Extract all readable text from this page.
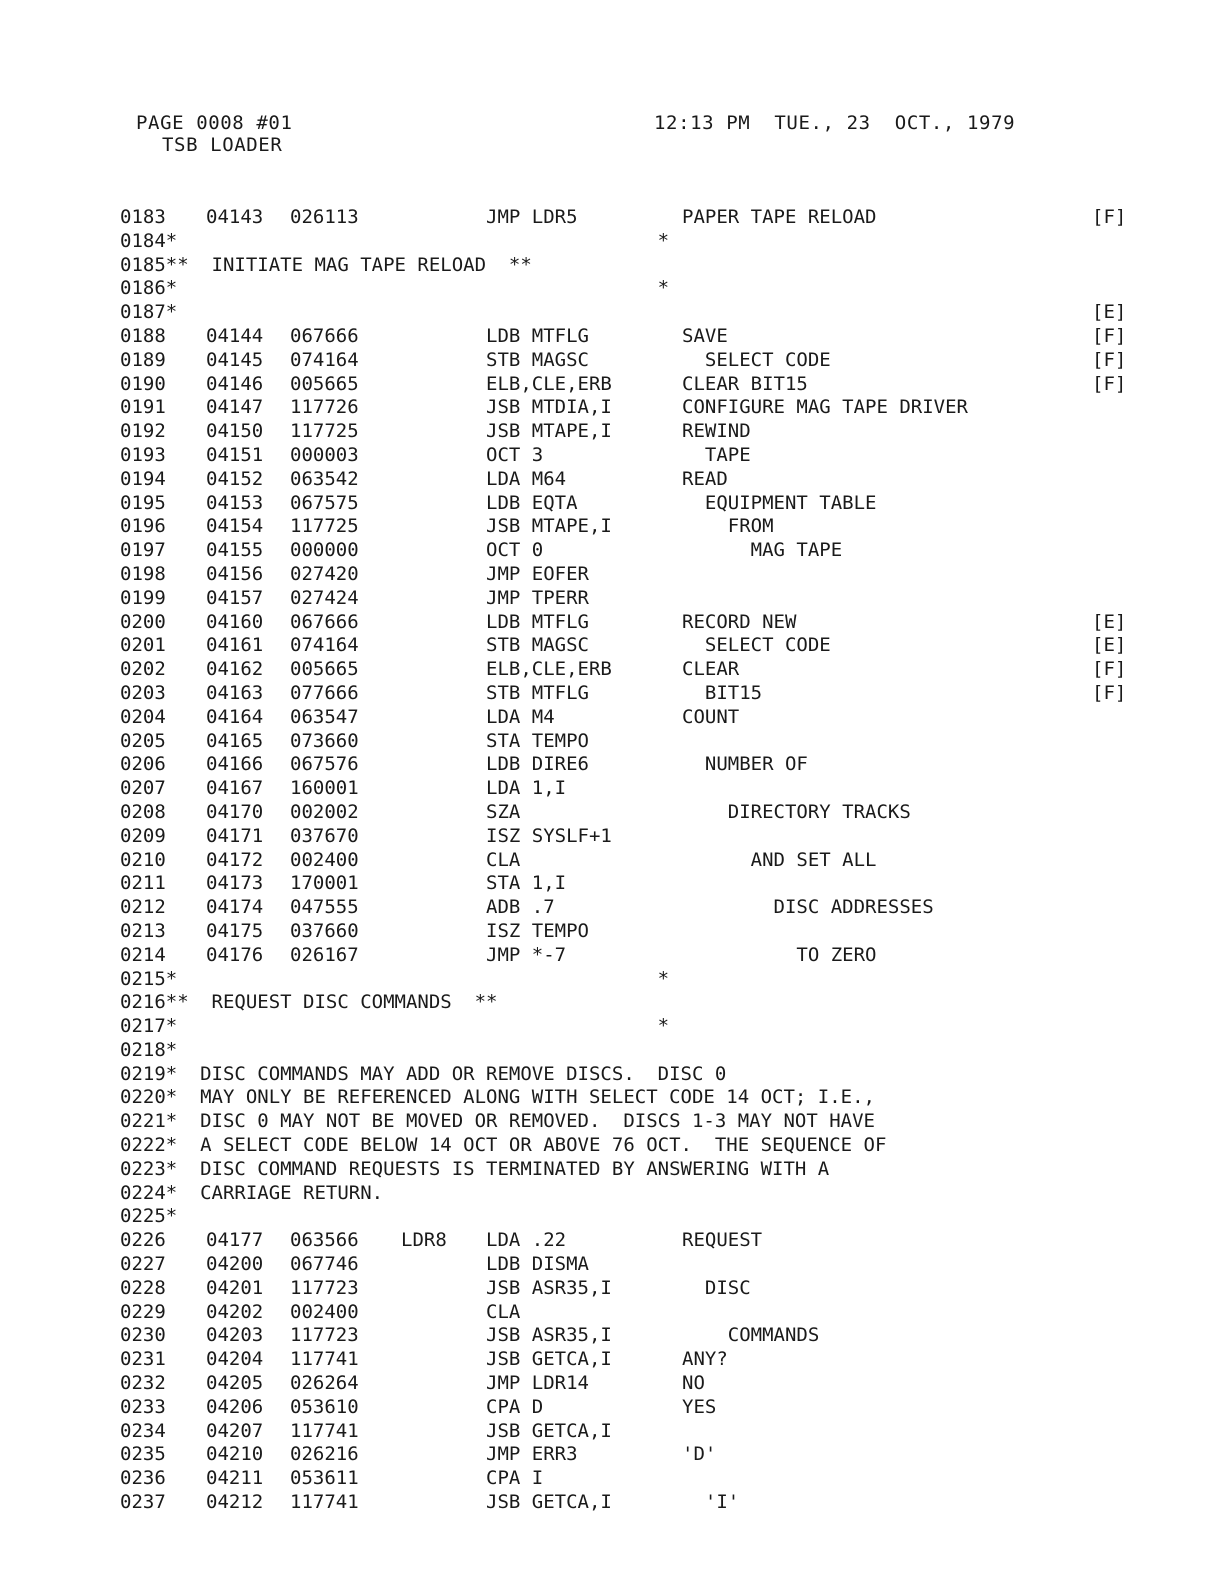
PAGE 0008 #01
TSB LOADER
12:13 PM  TUE., 23  OCT., 1979
0183 04143 026113	JMP LDR5	PAPER TAPE RELOAD	[F]
0184*                                          *
0185**  INITIATE MAG TAPE RELOAD  **
0186*                                          *
0187*	[E]
0188 04144 067666	LDB MTFLG	SAVE	[F]
0189 04145 074164	STB MAGSC	SELECT CODE	[F]
0190 04146 005665	ELB,CLE,ERB	CLEAR BIT15	[F]
0191 04147 117726	JSB MTDIA,I	CONFIGURE MAG TAPE DRIVER
0192 04150 117725	JSB MTAPE,I	REWIND
0193 04151 000003	OCT 3	TAPE
0194 04152 063542	LDA M64	READ
0195 04153 067575	LDB EQTA	EQUIPMENT TABLE
0196 04154 117725	JSB MTAPE,I	FROM
0197 04155 000000	OCT 0	MAG TAPE
0198 04156 027420	JMP EOFER
0199 04157 027424	JMP TPERR
0200 04160 067666	LDB MTFLG	RECORD NEW	[E]
0201 04161 074164	STB MAGSC	SELECT CODE	[E]
0202 04162 005665	ELB,CLE,ERB	CLEAR	[F]
0203 04163 077666	STB MTFLG	BIT15	[F]
0204 04164 063547	LDA M4	COUNT
0205 04165 073660	STA TEMPO
0206 04166 067576	LDB DIRE6	NUMBER OF
0207 04167 160001	LDA 1,I
0208 04170 002002	SZA	DIRECTORY TRACKS
0209 04171 037670	ISZ SYSLF+1
0210 04172 002400	CLA	AND SET ALL
0211 04173 170001	STA 1,I
0212 04174 047555	ADB .7	DISC ADDRESSES
0213 04175 037660	ISZ TEMPO
0214 04176 026167	JMP *-7	TO ZERO
0215*                                          *
0216**  REQUEST DISC COMMANDS  **
0217*                                          *
0218*
0219*  DISC COMMANDS MAY ADD OR REMOVE DISCS.  DISC 0
0220*  MAY ONLY BE REFERENCED ALONG WITH SELECT CODE 14 OCT; I.E.,
0221*  DISC 0 MAY NOT BE MOVED OR REMOVED.  DISCS 1-3 MAY NOT HAVE
0222*  A SELECT CODE BELOW 14 OCT OR ABOVE 76 OCT.  THE SEQUENCE OF
0223*  DISC COMMAND REQUESTS IS TERMINATED BY ANSWERING WITH A
0224*  CARRIAGE RETURN.
0225*
0226 04177 063566 LDR8 LDA .22	REQUEST
0227 04200 067746	LDB DISMA
0228 04201 117723	JSB ASR35,I	DISC
0229 04202 002400	CLA
0230 04203 117723	JSB ASR35,I	COMMANDS
0231 04204 117741	JSB GETCA,I	ANY?
0232 04205 026264	JMP LDR14	NO
0233 04206 053610	CPA D	YES
0234 04207 117741	JSB GETCA,I
0235 04210 026216	JMP ERR3	'D'
0236 04211 053611	CPA I
0237 04212 117741	JSB GETCA,I	'I'
